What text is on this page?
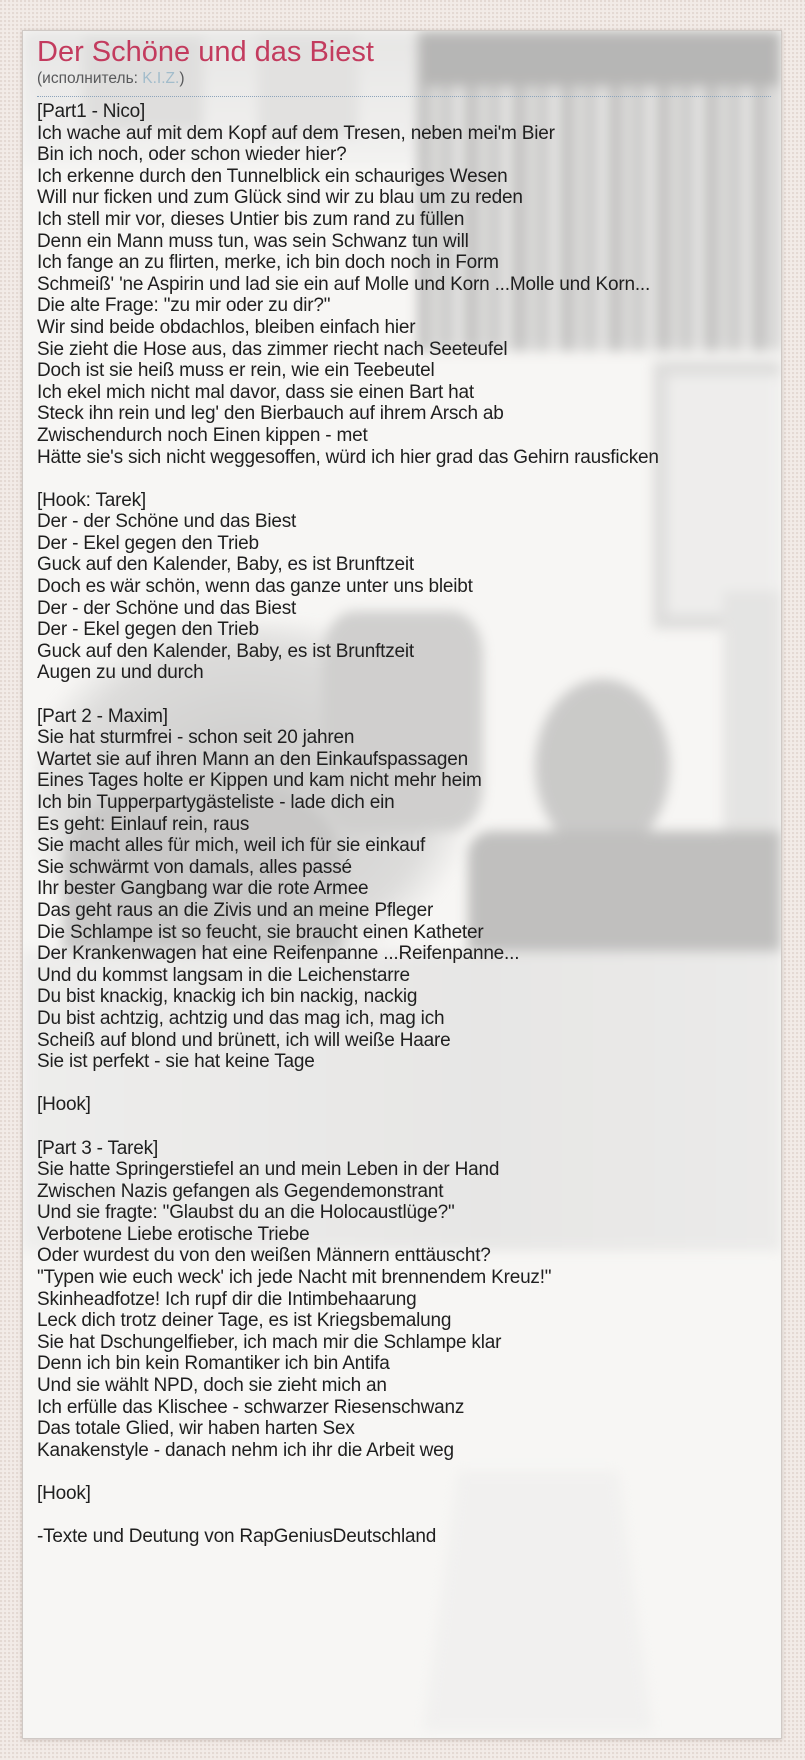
Der Schöne und das Biest
(исполнитель: K.I.Z.)
[Part1 - Nico]
Ich wache auf mit dem Kopf auf dem Tresen, neben mei'm Bier
Bin ich noch, oder schon wieder hier?
Ich erkenne durch den Tunnelblick ein schauriges Wesen
Will nur ficken und zum Glück sind wir zu blau um zu reden
Ich stell mir vor, dieses Untier bis zum rand zu füllen
Denn ein Mann muss tun, was sein Schwanz tun will
Ich fange an zu flirten, merke, ich bin doch noch in Form
Schmeiß' 'ne Aspirin und lad sie ein auf Molle und Korn ...Molle und Korn...
Die alte Frage: "zu mir oder zu dir?"
Wir sind beide obdachlos, bleiben einfach hier
Sie zieht die Hose aus, das zimmer riecht nach Seeteufel
Doch ist sie heiß muss er rein, wie ein Teebeutel
Ich ekel mich nicht mal davor, dass sie einen Bart hat
Steck ihn rein und leg' den Bierbauch auf ihrem Arsch ab
Zwischendurch noch Einen kippen - met
Hätte sie's sich nicht weggesoffen, würd ich hier grad das Gehirn rausficken

[Hook: Tarek]
Der - der Schöne und das Biest
Der - Ekel gegen den Trieb
Guck auf den Kalender, Baby, es ist Brunftzeit
Doch es wär schön, wenn das ganze unter uns bleibt
Der - der Schöne und das Biest
Der - Ekel gegen den Trieb
Guck auf den Kalender, Baby, es ist Brunftzeit
Augen zu und durch

[Part 2 - Maxim]
Sie hat sturmfrei - schon seit 20 jahren
Wartet sie auf ihren Mann an den Einkaufspassagen
Eines Tages holte er Kippen und kam nicht mehr heim
Ich bin Tupperpartygästeliste - lade dich ein
Es geht: Einlauf rein, raus
Sie macht alles für mich, weil ich für sie einkauf
Sie schwärmt von damals, alles passé
Ihr bester Gangbang war die rote Armee
Das geht raus an die Zivis und an meine Pfleger
Die Schlampe ist so feucht, sie braucht einen Katheter
Der Krankenwagen hat eine Reifenpanne ...Reifenpanne...
Und du kommst langsam in die Leichenstarre
Du bist knackig, knackig ich bin nackig, nackig
Du bist achtzig, achtzig und das mag ich, mag ich
Scheiß auf blond und brünett, ich will weiße Haare
Sie ist perfekt - sie hat keine Tage

[Hook]

[Part 3 - Tarek]
Sie hatte Springerstiefel an und mein Leben in der Hand
Zwischen Nazis gefangen als Gegendemonstrant
Und sie fragte: "Glaubst du an die Holocaustlüge?"
Verbotene Liebe erotische Triebe
Oder wurdest du von den weißen Männern enttäuscht?
"Typen wie euch weck' ich jede Nacht mit brennendem Kreuz!"
Skinheadfotze! Ich rupf dir die Intimbehaarung
Leck dich trotz deiner Tage, es ist Kriegsbemalung
Sie hat Dschungelfieber, ich mach mir die Schlampe klar
Denn ich bin kein Romantiker ich bin Antifa
Und sie wählt NPD, doch sie zieht mich an
Ich erfülle das Klischee - schwarzer Riesenschwanz
Das totale Glied, wir haben harten Sex
Kanakenstyle - danach nehm ich ihr die Arbeit weg

[Hook]
-Texte und Deutung von RapGeniusDeutschland
